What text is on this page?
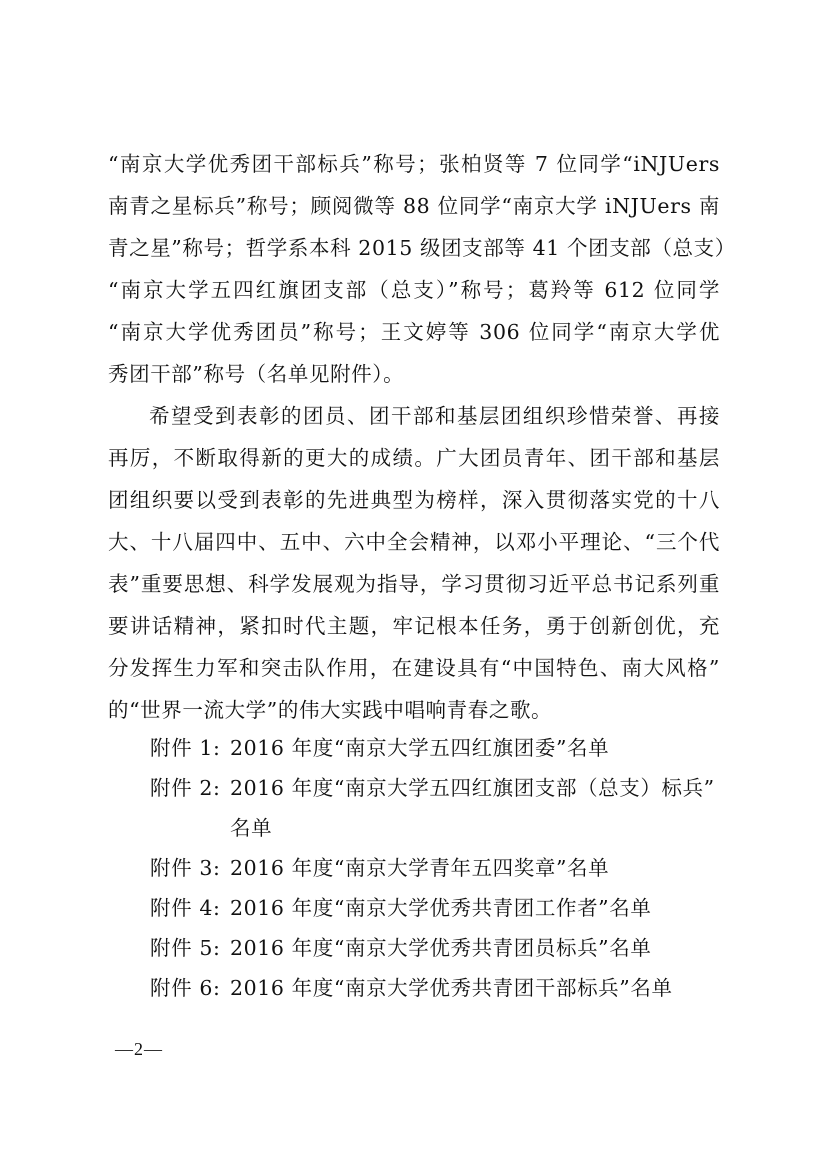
“南京大学优秀团干部标兵”称号；张柏贤等 7 位同学“iNJUers
南青之星标兵”称号；顾阅微等 88 位同学“南京大学 iNJUers 南
青之星”称号；哲学系本科 2015 级团支部等 41 个团支部（总支）
“南京大学五四红旗团支部（总支）”称号；葛羚等 612 位同学
“南京大学优秀团员”称号；王文婷等 306 位同学“南京大学优
秀团干部”称号（名单见附件）。
希望受到表彰的团员、团干部和基层团组织珍惜荣誉、再接
再厉，不断取得新的更大的成绩。广大团员青年、团干部和基层
团组织要以受到表彰的先进典型为榜样，深入贯彻落实党的十八
大、十八届四中、五中、六中全会精神，以邓小平理论、“三个代
表”重要思想、科学发展观为指导，学习贯彻习近平总书记系列重
要讲话精神，紧扣时代主题，牢记根本任务，勇于创新创优，充
分发挥生力军和突击队作用，在建设具有“中国特色、南大风格”
的“世界一流大学”的伟大实践中唱响青春之歌。
附件 1: 2016 年度“南京大学五四红旗团委”名单
附件 2: 2016 年度“南京大学五四红旗团支部（总支）标兵”
名单
附件 3: 2016 年度“南京大学青年五四奖章”名单
附件 4: 2016 年度“南京大学优秀共青团工作者”名单
附件 5: 2016 年度“南京大学优秀共青团员标兵”名单
附件 6: 2016 年度“南京大学优秀共青团干部标兵”名单
—2—
